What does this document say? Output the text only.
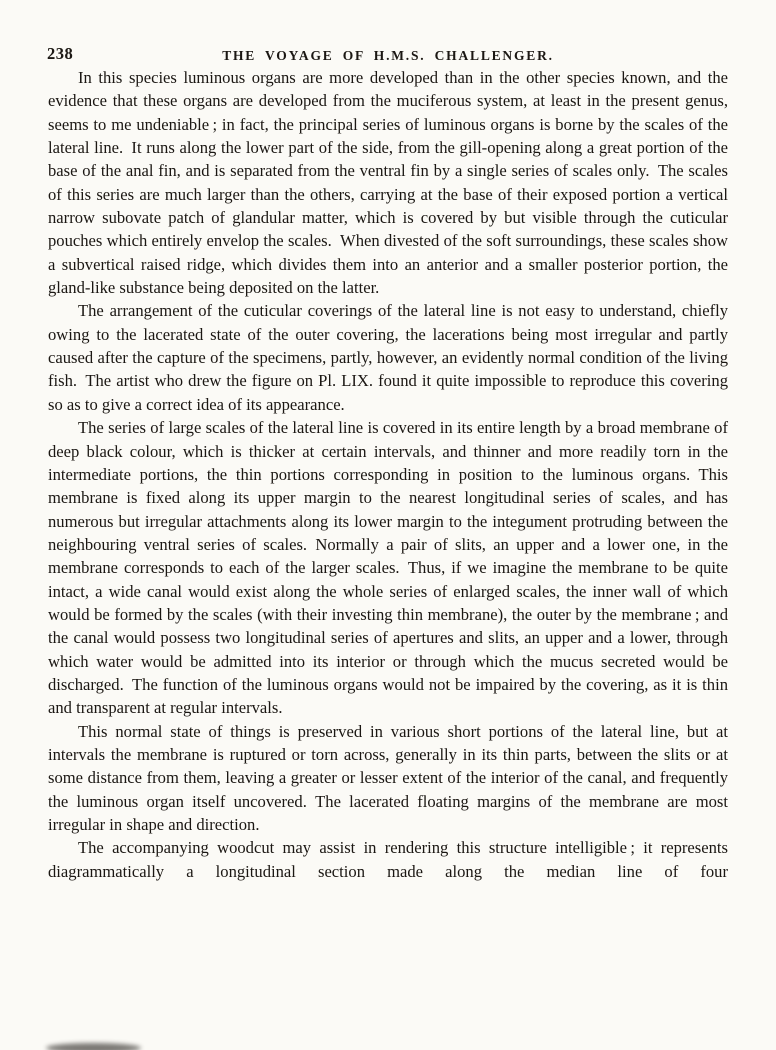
238	THE VOYAGE OF H.M.S. CHALLENGER.

In this species luminous organs are more developed than in the other species known, and the evidence that these organs are developed from the muciferous system, at least in the present genus, seems to me undeniable ; in fact, the principal series of luminous organs is borne by the scales of the lateral line. It runs along the lower part of the side, from the gill-opening along a great portion of the base of the anal fin, and is separated from the ventral fin by a single series of scales only. The scales of this series are much larger than the others, carrying at the base of their exposed portion a vertical narrow subovate patch of glandular matter, which is covered by but visible through the cuticular pouches which entirely envelop the scales. When divested of the soft surroundings, these scales show a subvertical raised ridge, which divides them into an anterior and a smaller posterior portion, the gland-like substance being deposited on the latter.

The arrangement of the cuticular coverings of the lateral line is not easy to understand, chiefly owing to the lacerated state of the outer covering, the lacerations being most irregular and partly caused after the capture of the specimens, partly, however, an evidently normal condition of the living fish. The artist who drew the figure on Pl. LIX. found it quite impossible to reproduce this covering so as to give a correct idea of its appearance.

The series of large scales of the lateral line is covered in its entire length by a broad membrane of deep black colour, which is thicker at certain intervals, and thinner and more readily torn in the intermediate portions, the thin portions corresponding in position to the luminous organs. This membrane is fixed along its upper margin to the nearest longitudinal series of scales, and has numerous but irregular attachments along its lower margin to the integument protruding between the neighbouring ventral series of scales. Normally a pair of slits, an upper and a lower one, in the membrane corresponds to each of the larger scales. Thus, if we imagine the membrane to be quite intact, a wide canal would exist along the whole series of enlarged scales, the inner wall of which would be formed by the scales (with their investing thin membrane), the outer by the membrane ; and the canal would possess two longitudinal series of apertures and slits, an upper and a lower, through which water would be admitted into its interior or through which the mucus secreted would be discharged. The function of the luminous organs would not be impaired by the covering, as it is thin and transparent at regular intervals.

This normal state of things is preserved in various short portions of the lateral line, but at intervals the membrane is ruptured or torn across, generally in its thin parts, between the slits or at some distance from them, leaving a greater or lesser extent of the interior of the canal, and frequently the luminous organ itself uncovered. The lacerated floating margins of the membrane are most irregular in shape and direction.

The accompanying woodcut may assist in rendering this structure intelligible ; it represents diagrammatically a longitudinal section made along the median line of four
